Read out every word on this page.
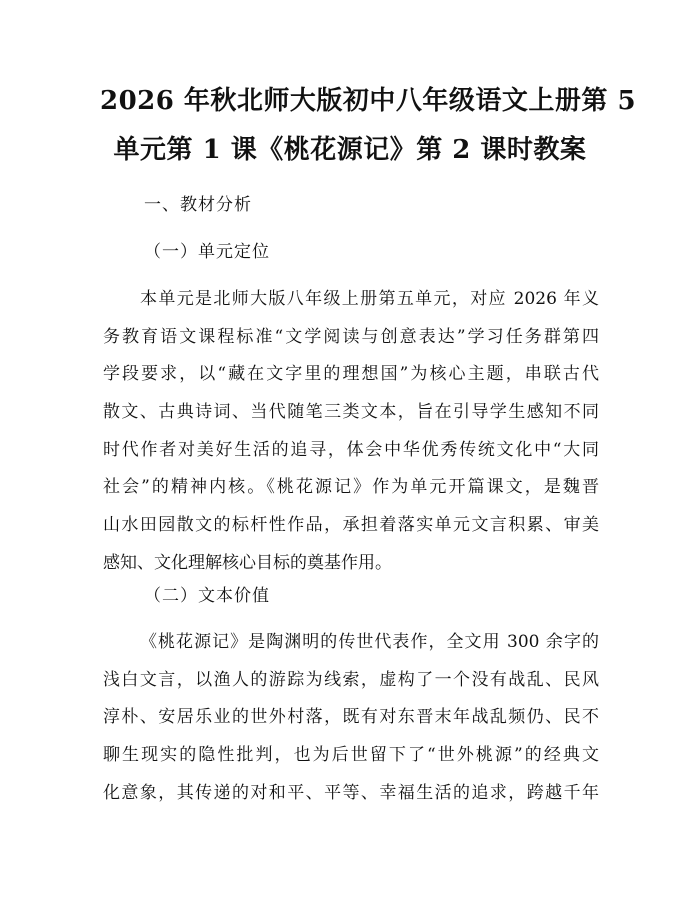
2026 年秋北师大版初中八年级语文上册第 5
单元第 1 课《桃花源记》第 2 课时教案
一、教材分析
（一）单元定位
本单元是北师大版八年级上册第五单元，对应 2026 年义
务教育语文课程标准“文学阅读与创意表达”学习任务群第四
学段要求，以“藏在文字里的理想国”为核心主题，串联古代
散文、古典诗词、当代随笔三类文本，旨在引导学生感知不同
时代作者对美好生活的追寻，体会中华优秀传统文化中“大同
社会”的精神内核。《桃花源记》作为单元开篇课文，是魏晋
山水田园散文的标杆性作品，承担着落实单元文言积累、审美
感知、文化理解核心目标的奠基作用。
（二）文本价值
《桃花源记》是陶渊明的传世代表作，全文用 300 余字的
浅白文言，以渔人的游踪为线索，虚构了一个没有战乱、民风
淳朴、安居乐业的世外村落，既有对东晋末年战乱频仍、民不
聊生现实的隐性批判，也为后世留下了“世外桃源”的经典文
化意象，其传递的对和平、平等、幸福生活的追求，跨越千年
